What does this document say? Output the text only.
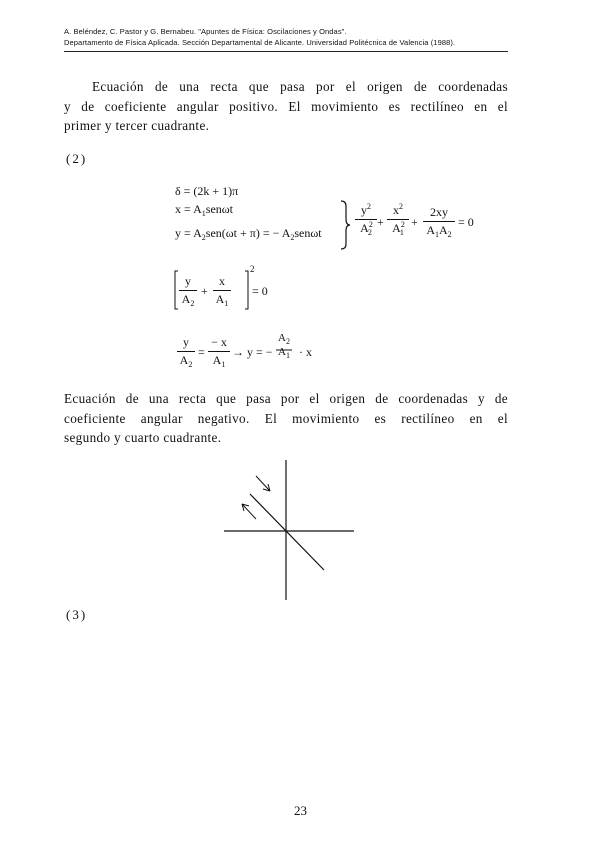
A. Beléndez, C. Pastor y G. Bernabeu. "Apuntes de Física: Oscilaciones y Ondas".
Departamento de Física Aplicada. Sección Departamental de Alicante. Universidad Politécnica de Valencia (1988).
Ecuación de una recta que pasa por el origen de coordenadas
y de coeficiente angular positivo. El movimiento es rectilíneo en el
primer y tercer cuadrante.
(2)
δ = (2k + 1)π
$x = A_1sen\omega t$
$y = A_2sen(\omega t + \pi)$ = − $A_2sen\omega t$	$\frac{y^2}{A^2_2} + \frac{x^2}{A^2_1} + \frac{2xy}{A_1A_2} = 0$
$\frac{y}{A_2} + \frac{x}{A_1}$
2
= 0
$\frac{y}{A_2} = \frac{- x}{A_1} \to y$ = −
$A_2$
$A_1 \cdot x$
Ecuación de una recta que pasa por el origen de coordenadas y de
coeficiente angular negativo. El movimiento es rectilíneo en el
segundo y cuarto cuadrante.
(3)
23
